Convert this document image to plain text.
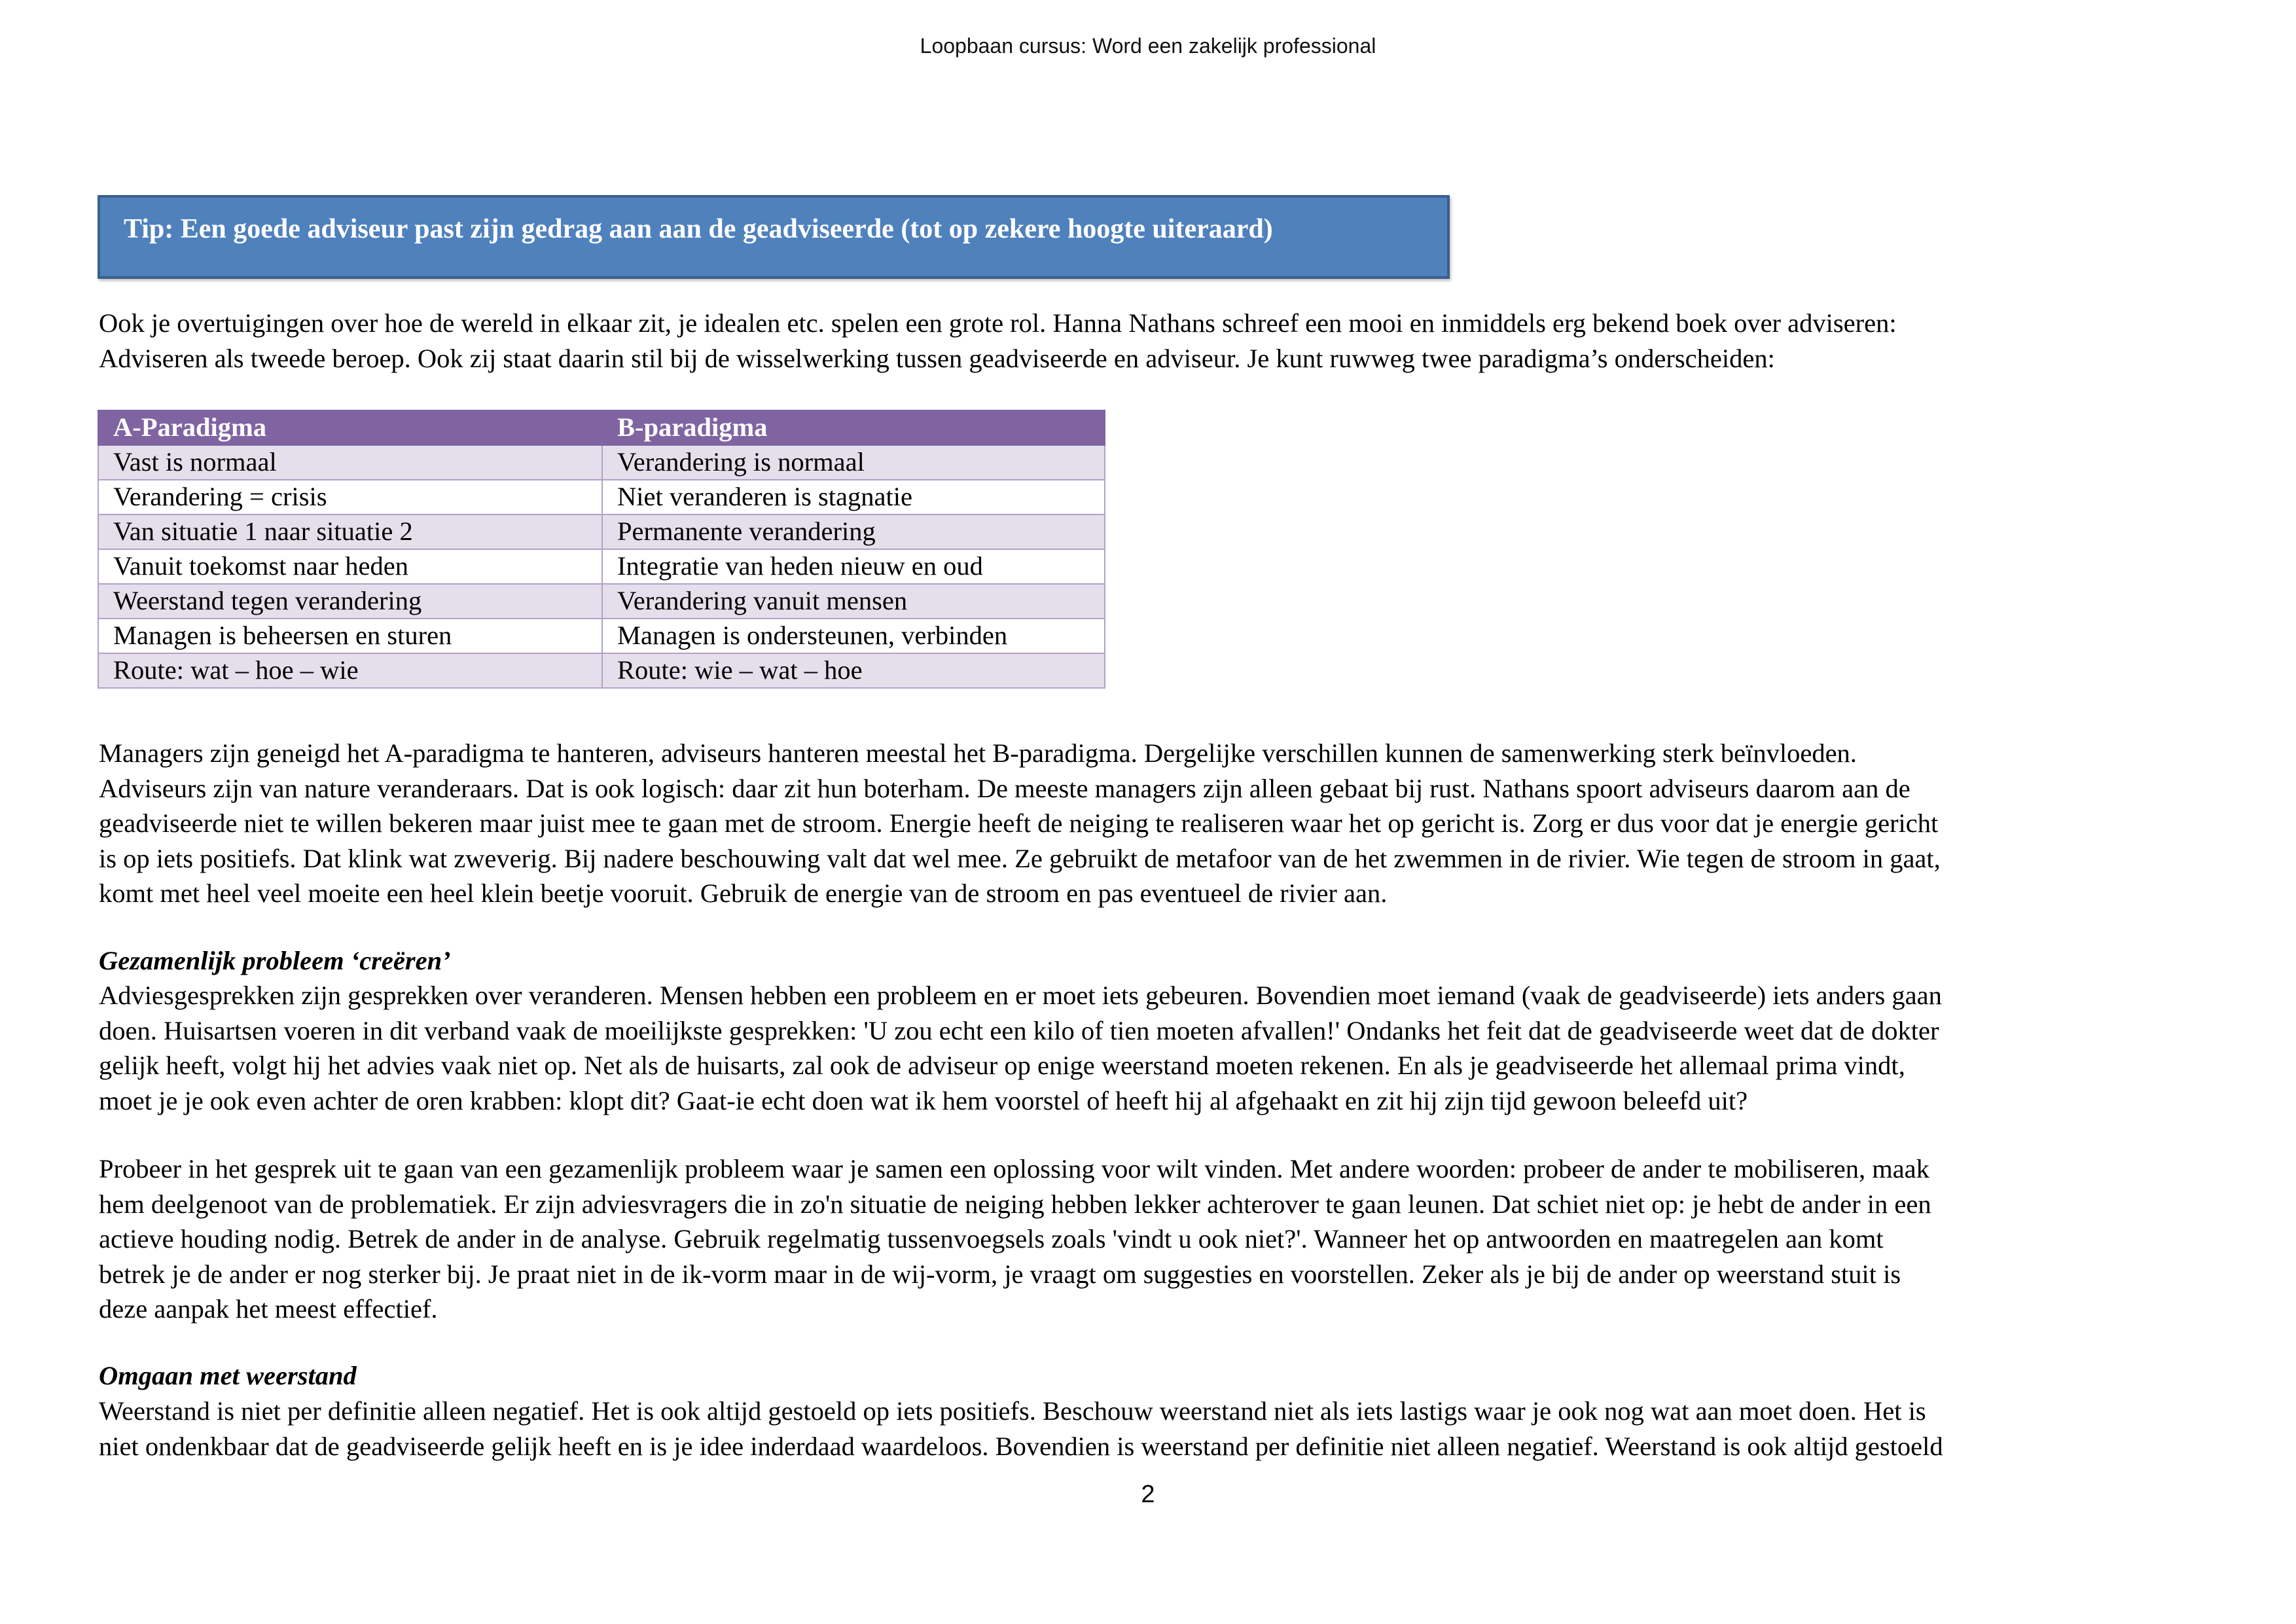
Loopbaan cursus: Word een zakelijk professional
Tip: Een goede adviseur past zijn gedrag aan aan de geadviseerde (tot op zekere hoogte uiteraard)
Ook je overtuigingen over hoe de wereld in elkaar zit, je idealen etc. spelen een grote rol. Hanna Nathans schreef een mooi en inmiddels erg bekend boek over adviseren:
Adviseren als tweede beroep. Ook zij staat daarin stil bij de wisselwerking tussen geadviseerde en adviseur. Je kunt ruwweg twee paradigma’s onderscheiden:
A-Paradigma	B-paradigma
Vast is normaal	Verandering is normaal
Verandering = crisis	Niet veranderen is stagnatie
Van situatie 1 naar situatie 2	Permanente verandering
Vanuit toekomst naar heden	Integratie van heden nieuw en oud
Weerstand tegen verandering	Verandering vanuit mensen
Managen is beheersen en sturen	Managen is ondersteunen, verbinden
Route: wat – hoe – wie	Route: wie – wat – hoe
Managers zijn geneigd het A-paradigma te hanteren, adviseurs hanteren meestal het B-paradigma. Dergelijke verschillen kunnen de samenwerking sterk beïnvloeden.
Adviseurs zijn van nature veranderaars. Dat is ook logisch: daar zit hun boterham. De meeste managers zijn alleen gebaat bij rust. Nathans spoort adviseurs daarom aan de
geadviseerde niet te willen bekeren maar juist mee te gaan met de stroom. Energie heeft de neiging te realiseren waar het op gericht is. Zorg er dus voor dat je energie gericht
is op iets positiefs. Dat klink wat zweverig. Bij nadere beschouwing valt dat wel mee. Ze gebruikt de metafoor van de het zwemmen in de rivier. Wie tegen de stroom in gaat,
komt met heel veel moeite een heel klein beetje vooruit. Gebruik de energie van de stroom en pas eventueel de rivier aan.
Gezamenlijk probleem ‘creëren’
Adviesgesprekken zijn gesprekken over veranderen. Mensen hebben een probleem en er moet iets gebeuren. Bovendien moet iemand (vaak de geadviseerde) iets anders gaan
doen. Huisartsen voeren in dit verband vaak de moeilijkste gesprekken: 'U zou echt een kilo of tien moeten afvallen!' Ondanks het feit dat de geadviseerde weet dat de dokter
gelijk heeft, volgt hij het advies vaak niet op. Net als de huisarts, zal ook de adviseur op enige weerstand moeten rekenen. En als je geadviseerde het allemaal prima vindt,
moet je je ook even achter de oren krabben: klopt dit? Gaat-ie echt doen wat ik hem voorstel of heeft hij al afgehaakt en zit hij zijn tijd gewoon beleefd uit?
Probeer in het gesprek uit te gaan van een gezamenlijk probleem waar je samen een oplossing voor wilt vinden. Met andere woorden: probeer de ander te mobiliseren, maak
hem deelgenoot van de problematiek. Er zijn adviesvragers die in zo'n situatie de neiging hebben lekker achterover te gaan leunen. Dat schiet niet op: je hebt de ander in een
actieve houding nodig. Betrek de ander in de analyse. Gebruik regelmatig tussenvoegsels zoals 'vindt u ook niet?'. Wanneer het op antwoorden en maatregelen aan komt
betrek je de ander er nog sterker bij. Je praat niet in de ik-vorm maar in de wij-vorm, je vraagt om suggesties en voorstellen. Zeker als je bij de ander op weerstand stuit is
deze aanpak het meest effectief.
Omgaan met weerstand
Weerstand is niet per definitie alleen negatief. Het is ook altijd gestoeld op iets positiefs. Beschouw weerstand niet als iets lastigs waar je ook nog wat aan moet doen. Het is
niet ondenkbaar dat de geadviseerde gelijk heeft en is je idee inderdaad waardeloos. Bovendien is weerstand per definitie niet alleen negatief. Weerstand is ook altijd gestoeld
2
